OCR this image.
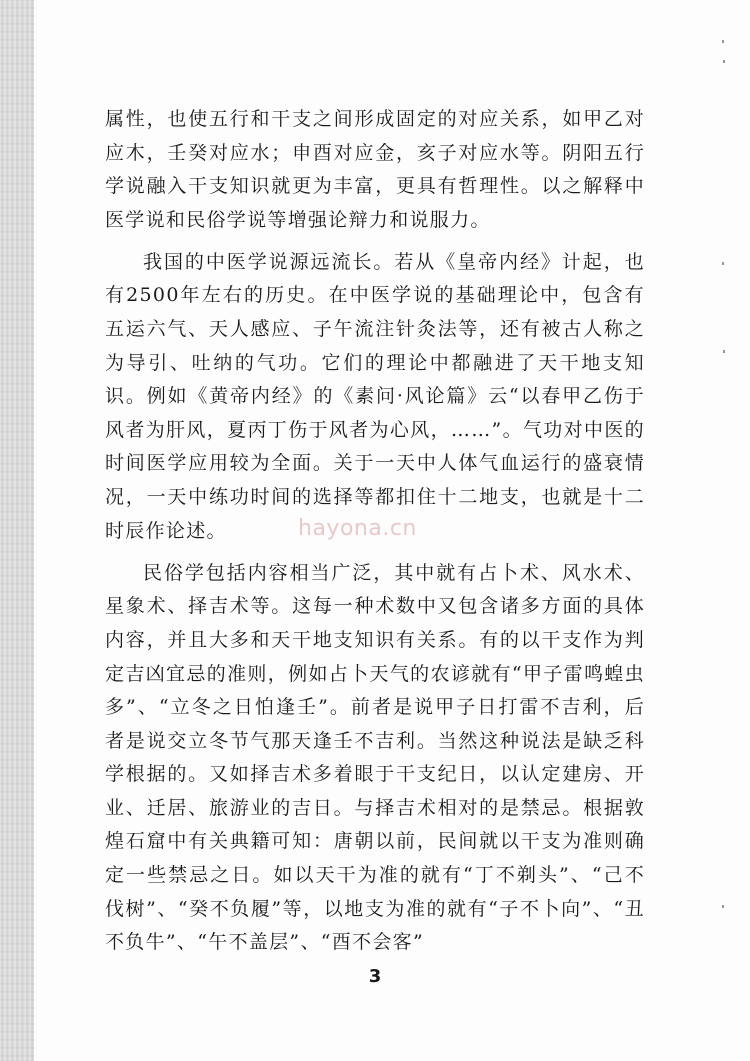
属性，也使五行和干支之间形成固定的对应关系，如甲乙对应木，壬癸对应水；申酉对应金，亥子对应水等。阴阳五行学说融入干支知识就更为丰富，更具有哲理性。以之解释中医学说和民俗学说等增强论辩力和说服力。

我国的中医学说源远流长。若从《皇帝内经》计起，也有2500年左右的历史。在中医学说的基础理论中，包含有五运六气、天人感应、子午流注针灸法等，还有被古人称之为导引、吐纳的气功。它们的理论中都融进了天干地支知识。例如《黄帝内经》的《素问·风论篇》云“以春甲乙伤于风者为肝风，夏丙丁伤于风者为心风，……”。气功对中医的时间医学应用较为全面。关于一天中人体气血运行的盛衰情况，一天中练功时间的选择等都扣住十二地支，也就是十二时辰作论述。

民俗学包括内容相当广泛，其中就有占卜术、风水术、星象术、择吉术等。这每一种术数中又包含诸多方面的具体内容，并且大多和天干地支知识有关系。有的以干支作为判定吉凶宜忌的准则，例如占卜天气的农谚就有“甲子雷鸣蝗虫多”、“立冬之日怕逢壬”。前者是说甲子日打雷不吉利，后者是说交立冬节气那天逢壬不吉利。当然这种说法是缺乏科学根据的。又如择吉术多着眼于干支纪日，以认定建房、开业、迁居、旅游业的吉日。与择吉术相对的是禁忌。根据敦煌石窟中有关典籍可知：唐朝以前，民间就以干支为准则确定一些禁忌之日。如以天干为准的就有“丁不剃头”、“己不伐树”、“癸不负履”等，以地支为准的就有“子不卜向”、“丑不负牛”、“午不盖层”、“酉不会客”

hayona.cn
3
